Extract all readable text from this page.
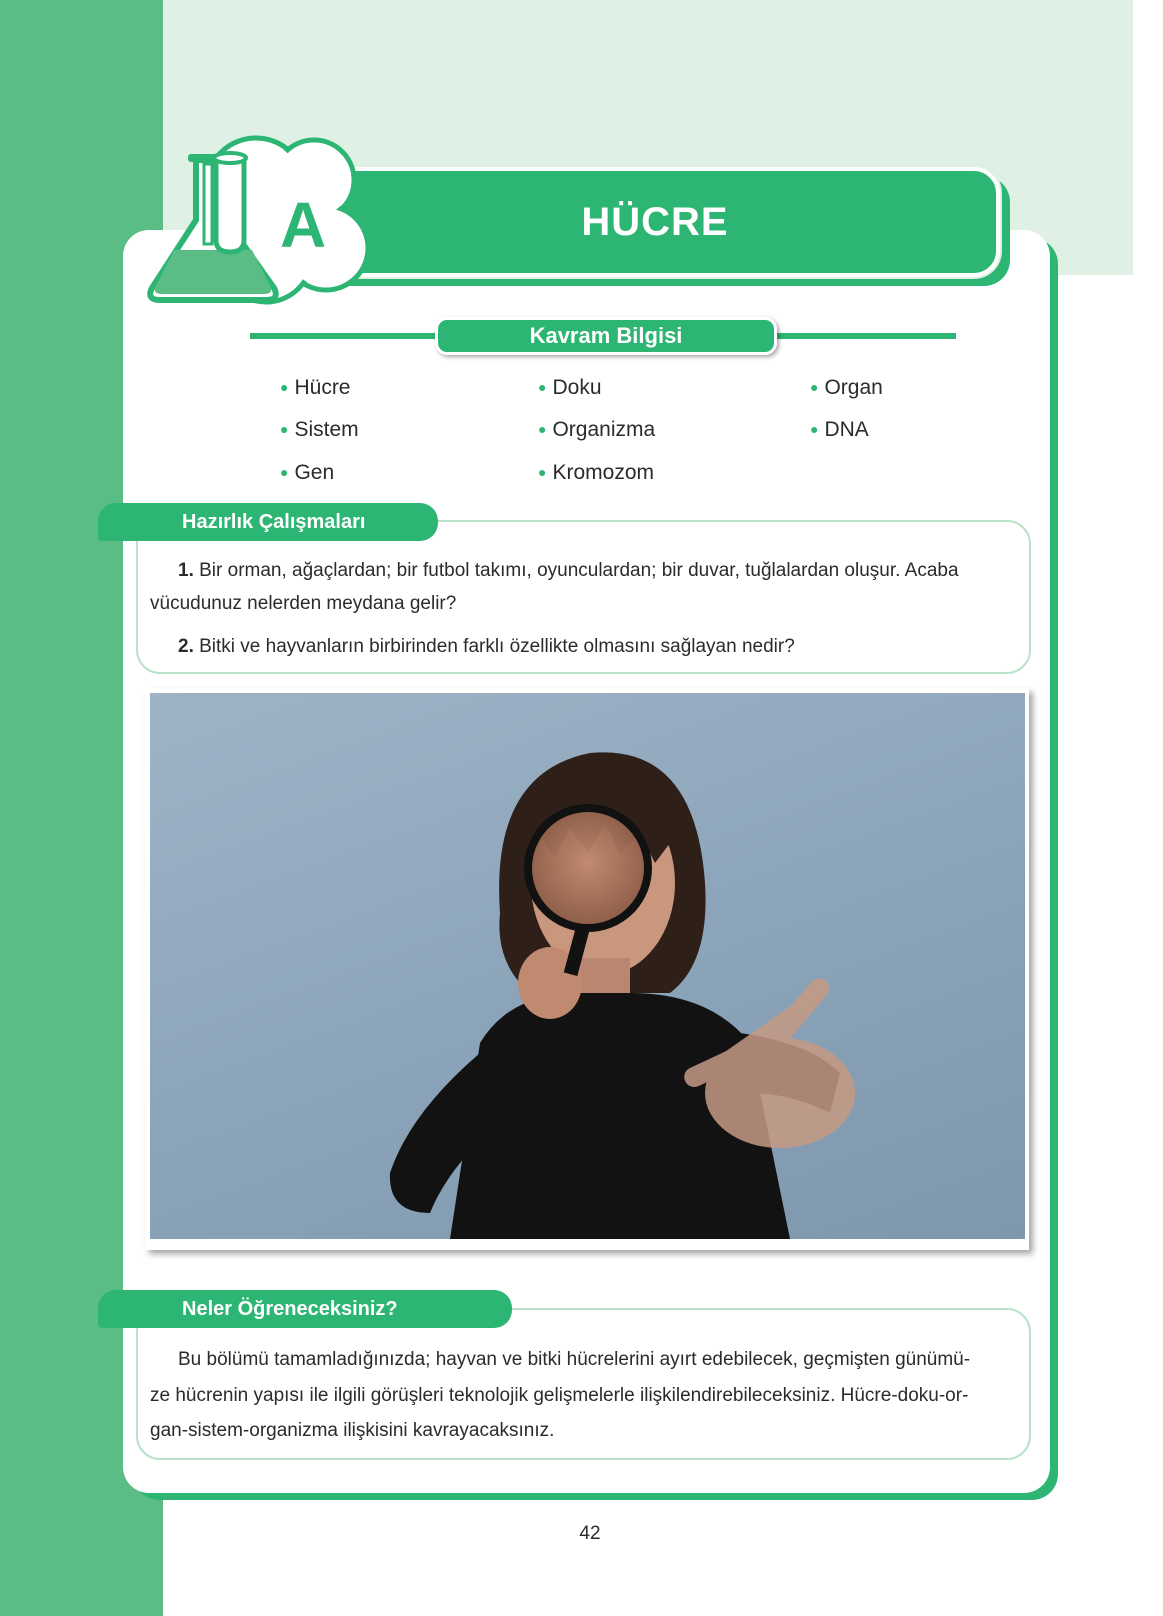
HÜCRE
A
Kavram Bilgisi
● Hücre	● Doku	● Organ
● Sistem	● Organizma	● DNA
● Gen	● Kromozom
Hazırlık Çalışmaları
1. Bir orman, ağaçlardan; bir futbol takımı, oyunculardan; bir duvar, tuğlalardan oluşur. Acaba
vücudunuz nelerden meydana gelir?
2. Bitki ve hayvanların birbirinden farklı özellikte olmasını sağlayan nedir?
Neler Öğreneceksiniz?
Bu bölümü tamamladığınızda; hayvan ve bitki hücrelerini ayırt edebilecek, geçmişten günümü-
ze hücrenin yapısı ile ilgili görüşleri teknolojik gelişmelerle ilişkilendirebileceksiniz. Hücre-doku-or-
gan-sistem-organizma ilişkisini kavrayacaksınız.
42
